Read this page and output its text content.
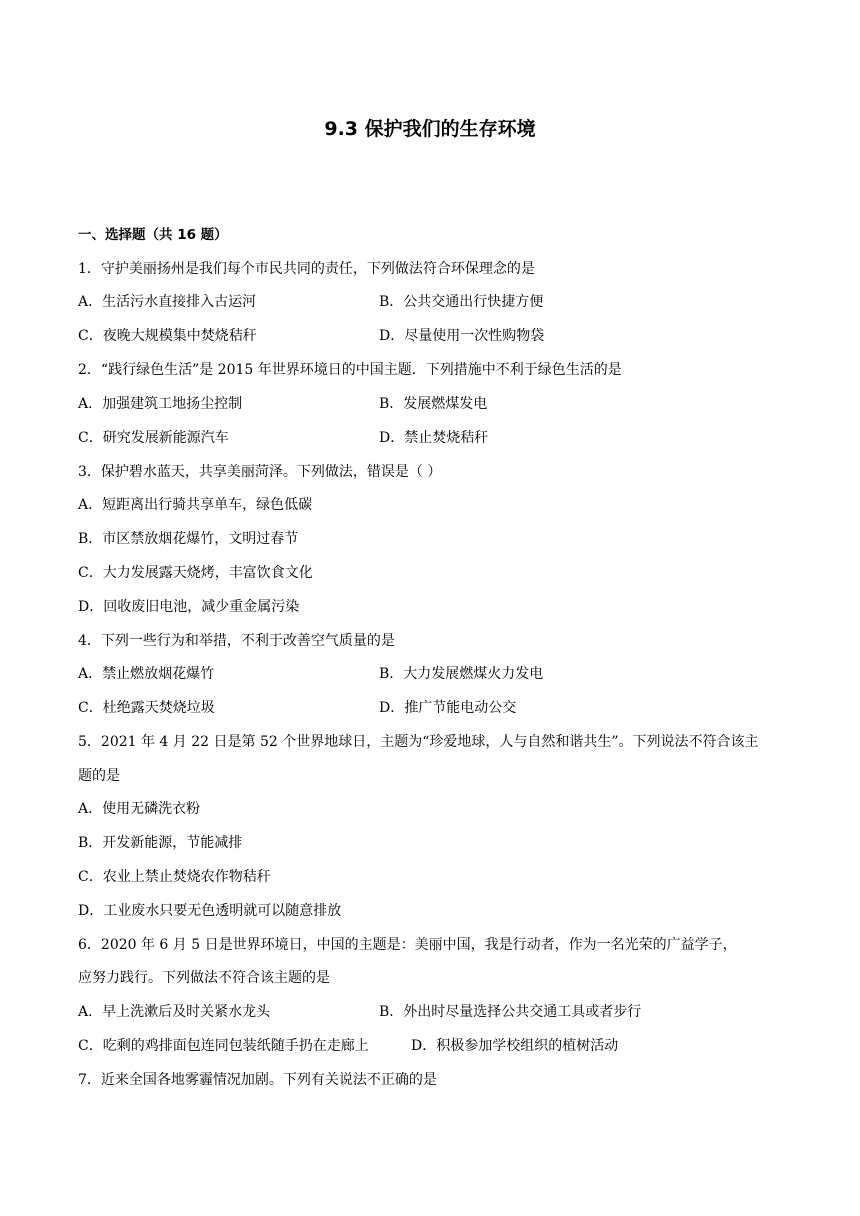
9.3 保护我们的生存环境
一、选择题（共 16 题）
1．守护美丽扬州是我们每个市民共同的责任，下列做法符合环保理念的是
A．生活污水直接排入古运河	B．公共交通出行快捷方便
C．夜晚大规模集中焚烧秸秆	D．尽量使用一次性购物袋
2．“践行绿色生活”是 2015 年世界环境日的中国主题．下列措施中不利于绿色生活的是
A．加强建筑工地扬尘控制	B．发展燃煤发电
C．研究发展新能源汽车	D．禁止焚烧秸秆
3．保护碧水蓝天，共享美丽菏泽。下列做法，错误是（ ）
A．短距离出行骑共享单车，绿色低碳
B．市区禁放烟花爆竹，文明过春节
C．大力发展露天烧烤，丰富饮食文化
D．回收废旧电池，减少重金属污染
4．下列一些行为和举措，不利于改善空气质量的是
A．禁止燃放烟花爆竹	B．大力发展燃煤火力发电
C．杜绝露天焚烧垃圾	D．推广节能电动公交
5．2021 年 4 月 22 日是第 52 个世界地球日，主题为“珍爱地球，人与自然和谐共生”。下列说法不符合该主
题的是
A．使用无磷洗衣粉
B．开发新能源，节能减排
C．农业上禁止焚烧农作物秸秆
D．工业废水只要无色透明就可以随意排放
6．2020 年 6 月 5 日是世界环境日，中国的主题是：美丽中国，我是行动者，作为一名光荣的广益学子，
应努力践行。下列做法不符合该主题的是
A．早上洗漱后及时关紧水龙头	B．外出时尽量选择公共交通工具或者步行
C．吃剩的鸡排面包连同包装纸随手扔在走廊上	D．积极参加学校组织的植树活动
7．近来全国各地雾霾情况加剧。下列有关说法不正确的是
